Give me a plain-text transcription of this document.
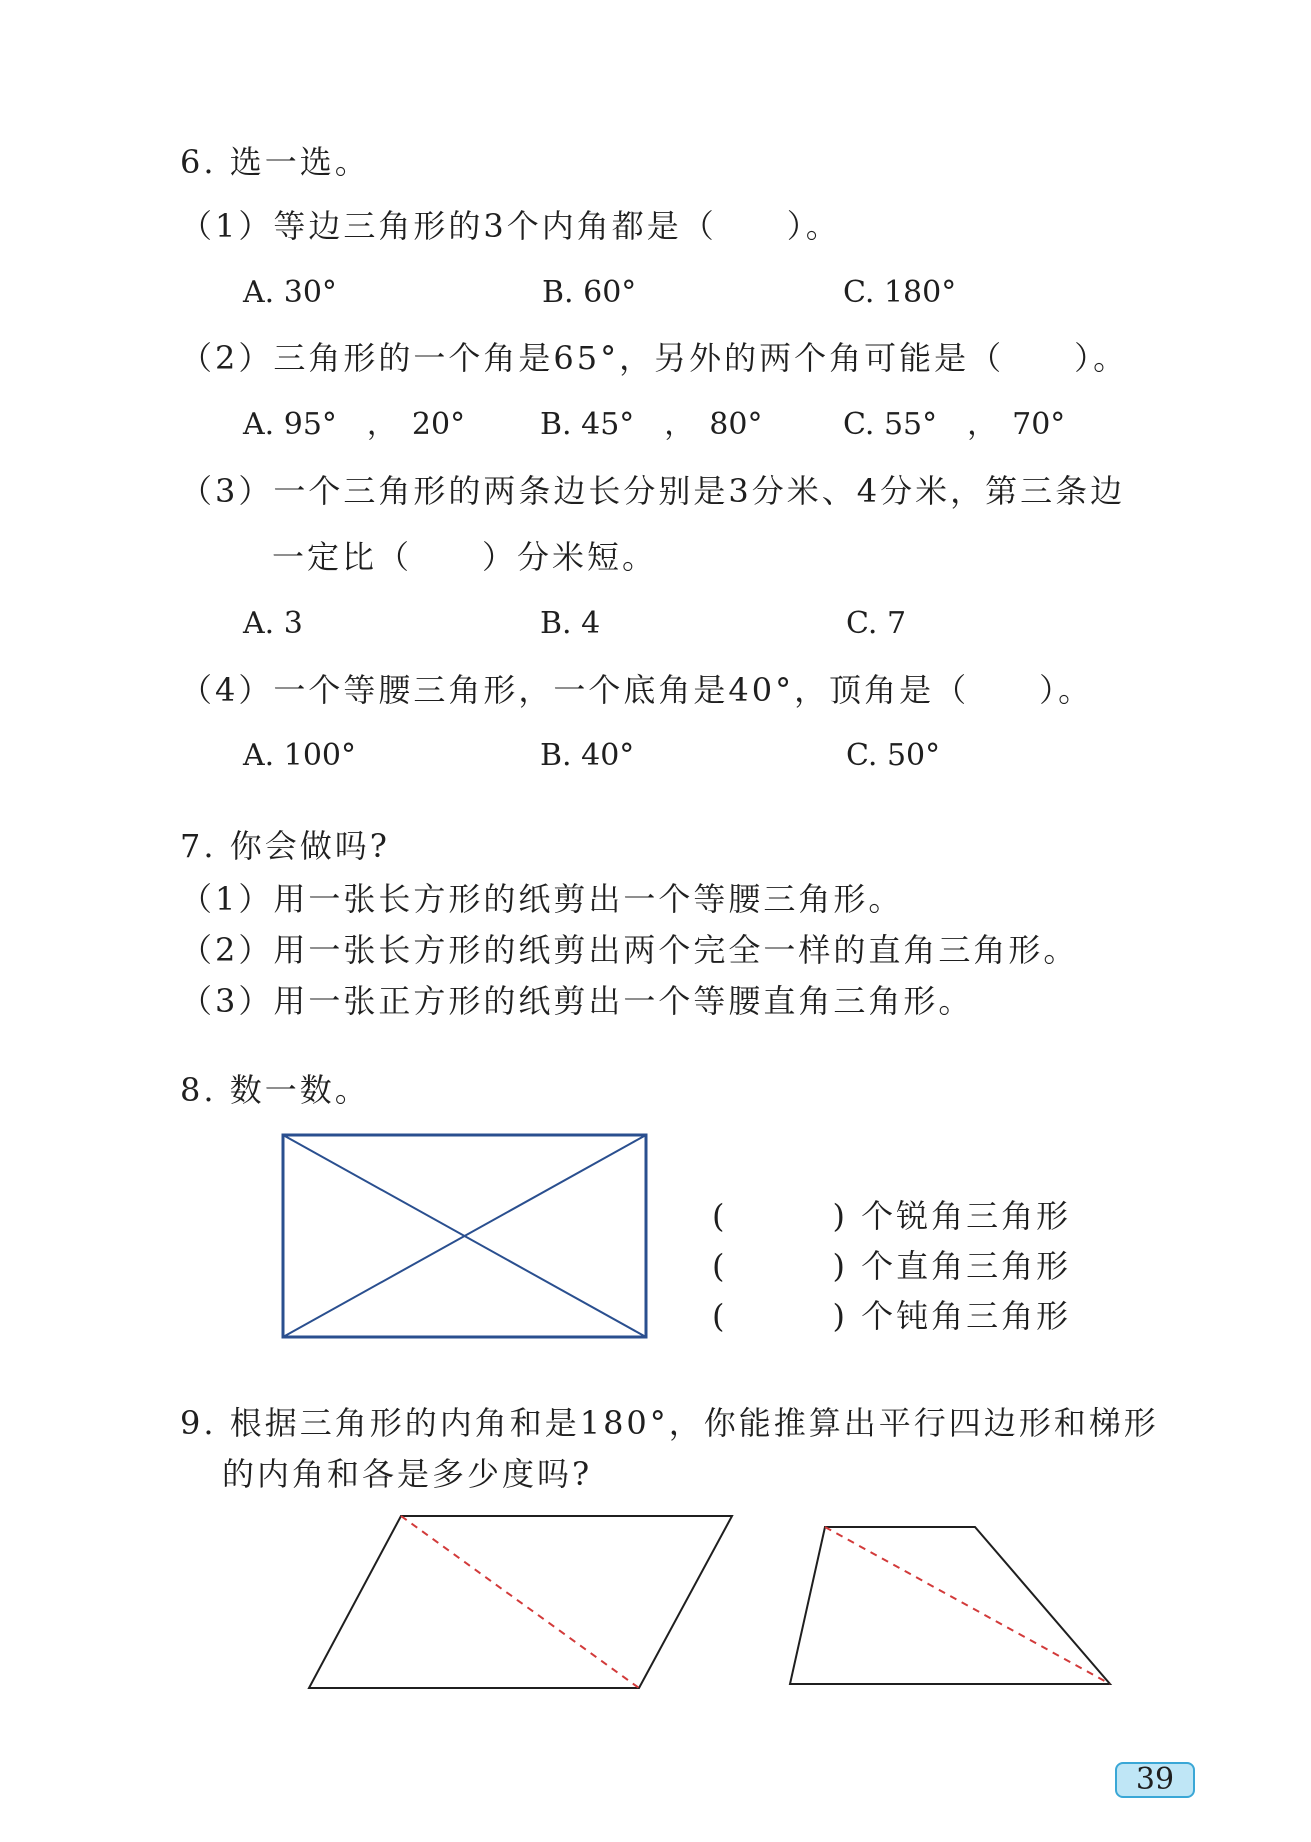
6. 选一选。
（1）等边三角形的3个内角都是（　　）。
A. 30°	B. 60°	C. 180°
（2）三角形的一个角是65°，另外的两个角可能是（　　）。
A. 95°　，　20° B. 45°　，　80°	C. 55°　，　70°
（3）一个三角形的两条边长分别是3分米、4分米，第三条边
一定比（　　）分米短。
A. 3	B. 4	C. 7
（4）一个等腰三角形，一个底角是40°，顶角是（　　）。
A. 100°	B. 40°	C. 50°
7. 你会做吗?
（1）用一张长方形的纸剪出一个等腰三角形。
（2）用一张长方形的纸剪出两个完全一样的直角三角形。
（3）用一张正方形的纸剪出一个等腰直角三角形。
8. 数一数。
(　　　) 个锐角三角形
(　　　) 个直角三角形
(　　　) 个钝角三角形
9. 根据三角形的内角和是180°，你能推算出平行四边形和梯形
的内角和各是多少度吗?
39
